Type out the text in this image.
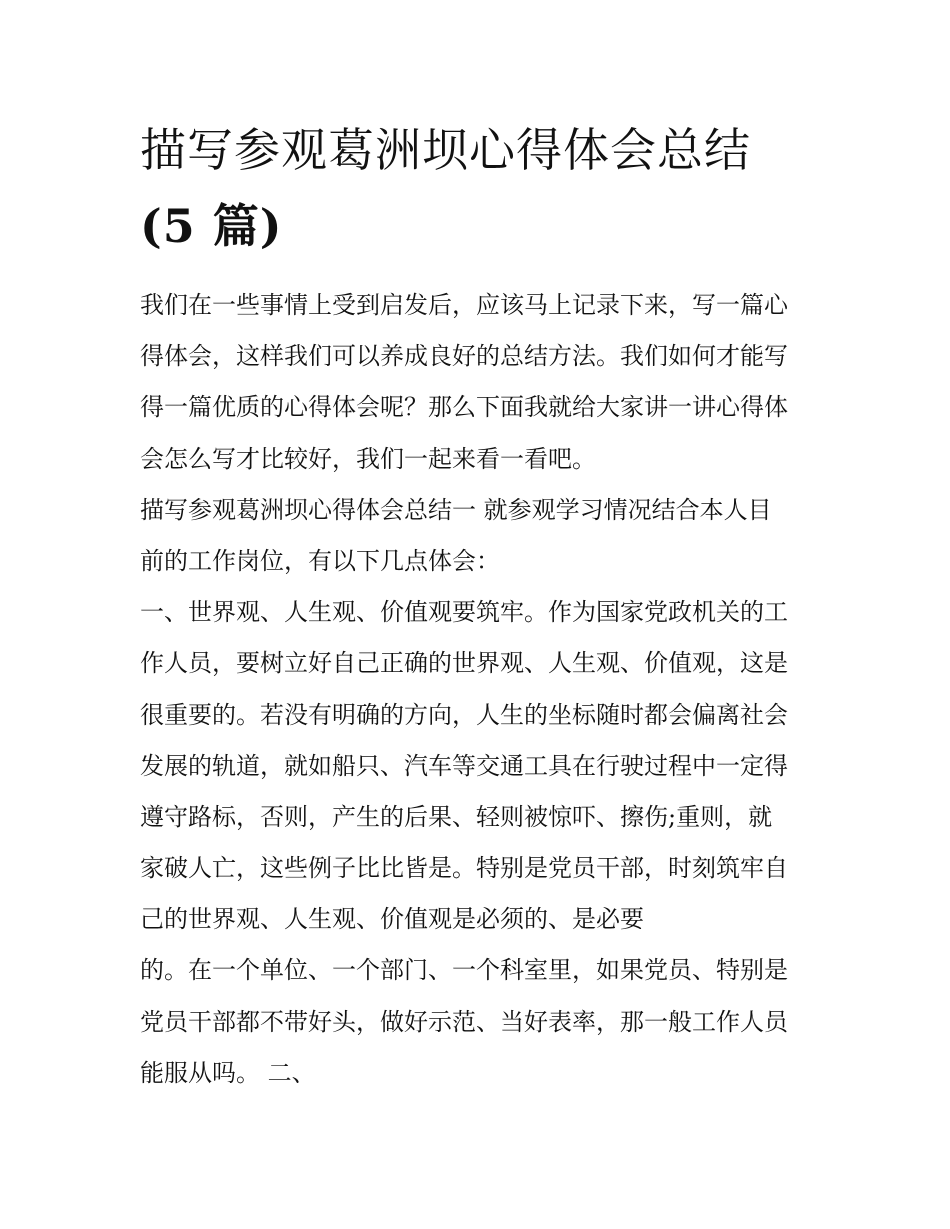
描写参观葛洲坝心得体会总结
(5 篇)
我们在一些事情上受到启发后，应该马上记录下来，写一篇心
得体会，这样我们可以养成良好的总结方法。我们如何才能写
得一篇优质的心得体会呢？那么下面我就给大家讲一讲心得体
会怎么写才比较好，我们一起来看一看吧。
描写参观葛洲坝心得体会总结一 就参观学习情况结合本人目
前的工作岗位，有以下几点体会：
一、世界观、人生观、价值观要筑牢。作为国家党政机关的工
作人员，要树立好自己正确的世界观、人生观、价值观，这是
很重要的。若没有明确的方向，人生的坐标随时都会偏离社会
发展的轨道，就如船只、汽车等交通工具在行驶过程中一定得
遵守路标，否则，产生的后果、轻则被惊吓、擦伤;重则，就
家破人亡，这些例子比比皆是。特别是党员干部，时刻筑牢自
己的世界观、人生观、价值观是必须的、是必要
的。在一个单位、一个部门、一个科室里，如果党员、特别是
党员干部都不带好头，做好示范、当好表率，那一般工作人员
能服从吗。 二、
